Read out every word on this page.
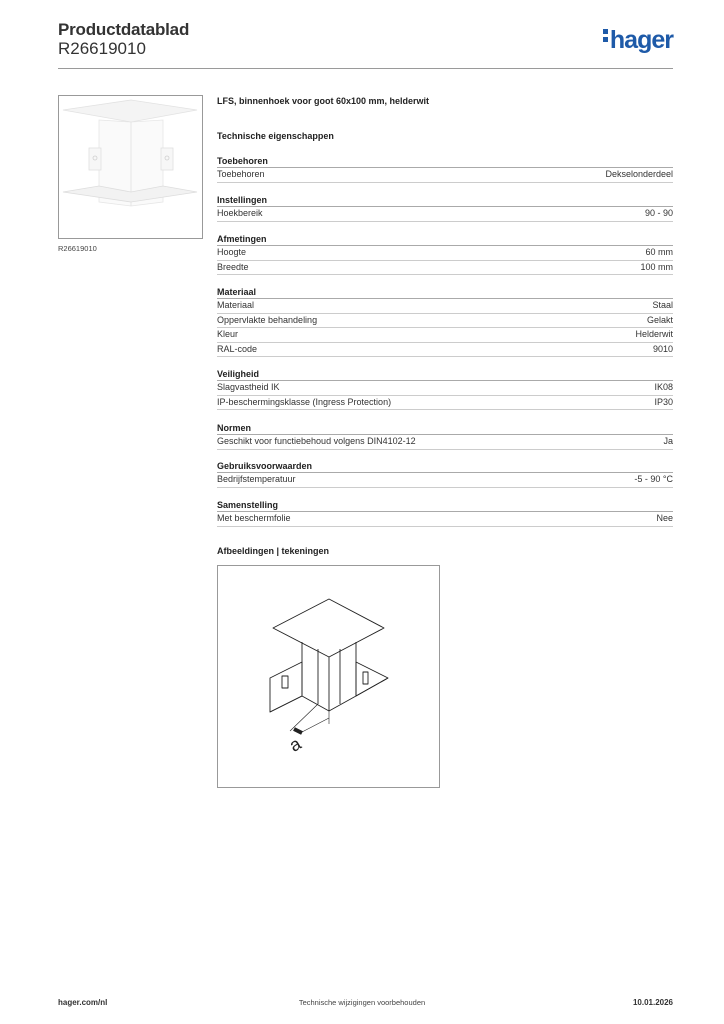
Productdatablad
R26619010	hager
R26619010
LFS, binnenhoek voor goot 60x100 mm, helderwit
Technische eigenschappen
Toebehoren
Toebehoren	Dekselonderdeel
Instellingen
Hoekbereik	90 - 90
Afmetingen
Hoogte	60 mm
Breedte	100 mm
Materiaal
Materiaal	Staal
Oppervlakte behandeling	Gelakt
Kleur	Helderwit
RAL-code	9010
Veiligheid
Slagvastheid IK	IK08
IP-beschermingsklasse (Ingress Protection)	IP30
Normen
Geschikt voor functiebehoud volgens DIN4102-12	Ja
Gebruiksvoorwaarden
Bedrijfstemperatuur	-5 - 90 °C
Samenstelling
Met beschermfolie	Nee
Afbeeldingen | tekeningen
a
hager.com/nl	Technische wijzigingen voorbehouden	10.01.2026
